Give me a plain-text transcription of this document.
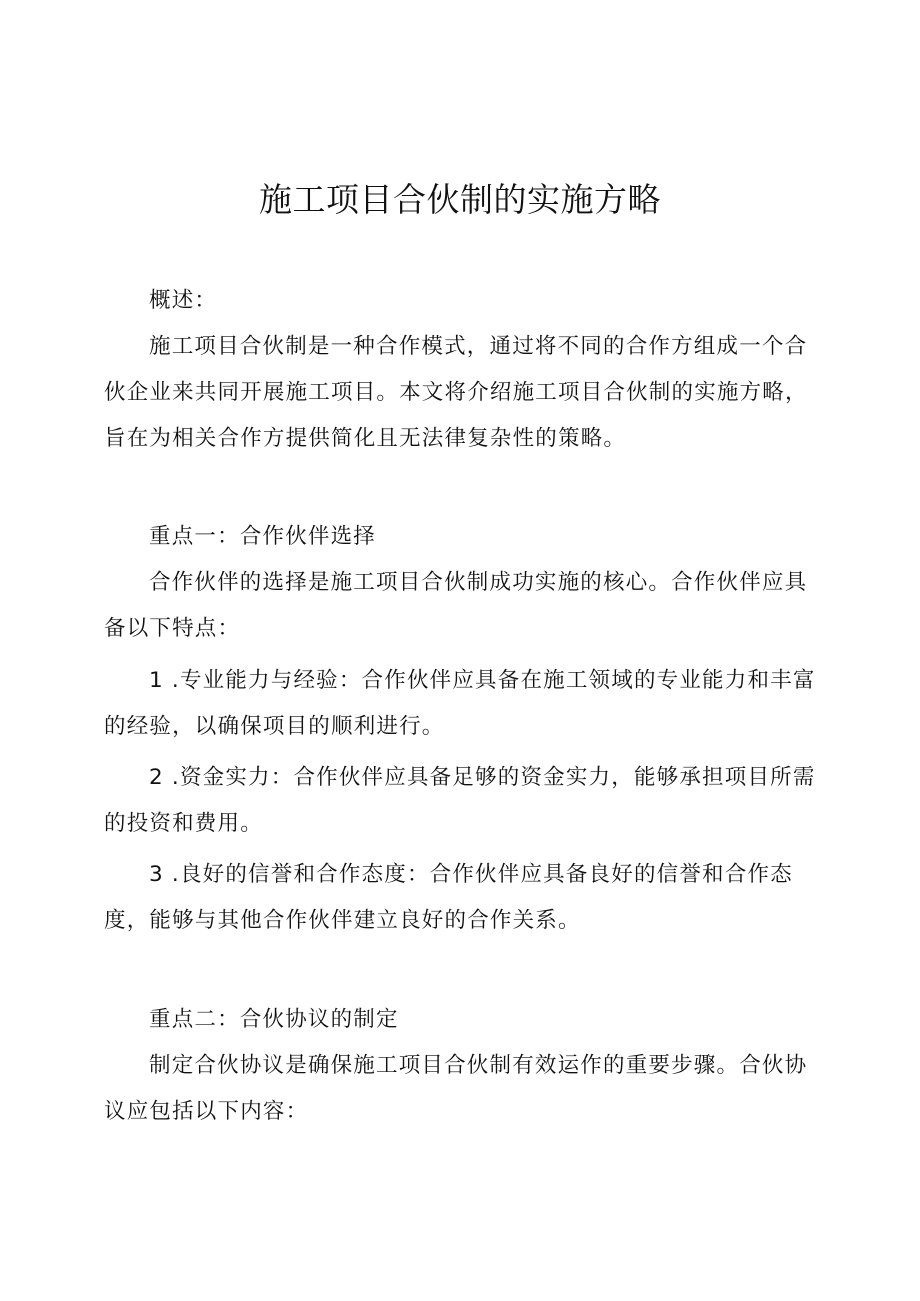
施工项目合伙制的实施方略

概述：

施工项目合伙制是一种合作模式，通过将不同的合作方组成一个合伙企业来共同开展施工项目。本文将介绍施工项目合伙制的实施方略，旨在为相关合作方提供简化且无法律复杂性的策略。

重点一：合作伙伴选择

合作伙伴的选择是施工项目合伙制成功实施的核心。合作伙伴应具备以下特点：

1 .专业能力与经验：合作伙伴应具备在施工领域的专业能力和丰富的经验，以确保项目的顺利进行。

2 .资金实力：合作伙伴应具备足够的资金实力，能够承担项目所需的投资和费用。

3 .良好的信誉和合作态度：合作伙伴应具备良好的信誉和合作态度，能够与其他合作伙伴建立良好的合作关系。

重点二：合伙协议的制定

制定合伙协议是确保施工项目合伙制有效运作的重要步骤。合伙协议应包括以下内容：
